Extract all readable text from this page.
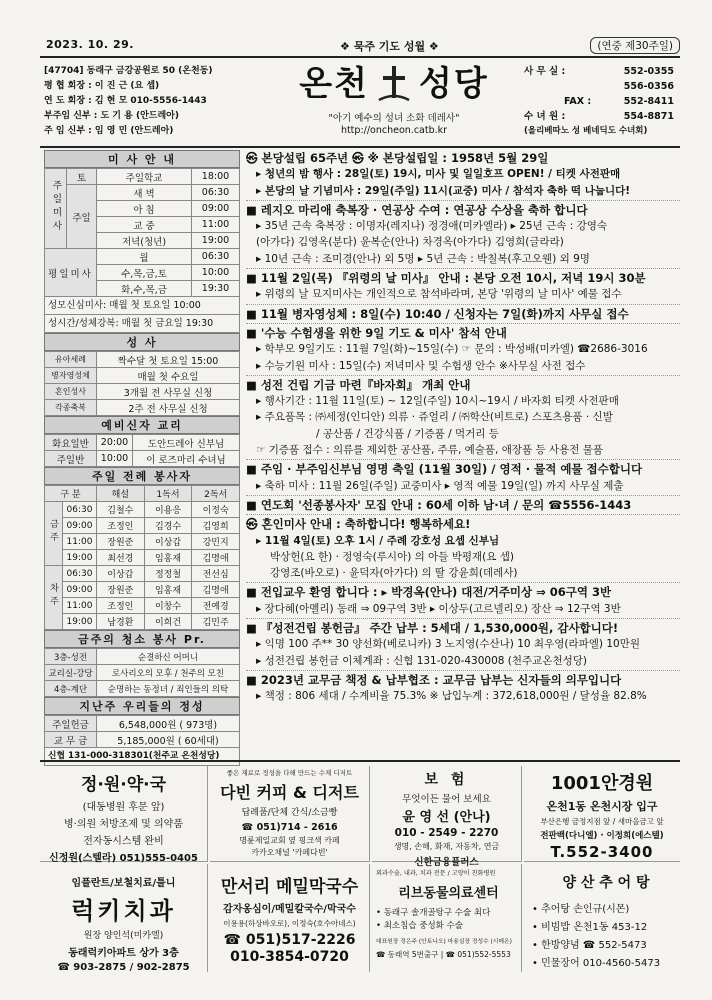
2023. 10. 29.	❖ 묵주 기도 성월 ❖	(연중 제30주일)
[47704] 동래구 금강공원로 50 (온천동)
평 협 회장 : 이 진 근 (요 셉)
연 도 회장 : 김 현 모 010-5556-1443
부주임 신부 : 도 기 용 (안드레아)
주 임 신부 : 임 영 민 (안드레아)
온천 성당
"아기 예수의 성녀 소화 데레사"
http://oncheon.catb.kr
사 무 실 :	552-0355
556-0356
FAX :	552-8411
수 녀 원 :	554-8871
(올리베따노 성 베네딕도 수녀회)
미 사 안 내
주일미사	토	주일학교	18:00
	주일	새 벽	06:30
		아 침	09:00
		교 중	11:00
		저녁(청년)	19:00
평일미사		월	06:30
		수,목,금,토	10:00
		화,수,목,금	19:30
성모신심미사: 매월 첫 토요일 10:00
성시간/성체강복: 매월 첫 금요일 19:30
성 사
유아세례	짝수달 첫 토요일 15:00
병자영성체	매월 첫 수요일
혼인성사	3개월 전 사무실 신청
각종축복	2주 전 사무실 신청
예비신자 교리
화요일반	20:00	도안드레아 신부님
주일반	10:00	이 로즈마리 수녀님
주일 전례 봉사자
구 분		해설	1독서	2독서
금주	06:30	김철수	이용응	이정숙
	09:00	조정인	김경수	김영희
	11:00	장원준	이상갑	강민지
	19:00	최선경	임홍재	김명애
차주	06:30	이상갑	정정철	전선심
	09:00	장원준	임홍재	김명애
	11:00	조정인	이창수	전예경
	19:00	남경환	이희건	김민주
금주의 청소 봉사 Pr.
3층-성전	순결하신 어머니
교리실-강당	로사리오의 모후 / 천주의 모친
4층-계단	순명하는 동정녀 / 죄인들의 의탁
지난주 우리들의 정성
주일헌금	6,548,000원 ( 973명)
교 무 금	5,185,000원 ( 60세대)
신협 131-000-318301(천주교 온천성당)
㉿ 본당설립 65주년 ㉿ ※ 본당설립일 : 1958년 5월 29일
▸ 청년의 밤 행사 : 28일(토) 19시, 미사 및 일일호프 OPEN! / 티켓 사전판매
▸ 본당의 날 기념미사 : 29일(주일) 11시(교중) 미사 / 참석자 축하 떡 나눕니다!
■ 레지오 마리애 축복장 · 연공상 수여 : 연공상 수상을 축하 합니다
▸ 35년 근속 축복장 : 이명자(레지나) 정경애(미카엘라) ▸ 25년 근속 : 강영숙
(아가다) 김영옥(분다) 윤복순(안나) 차경옥(아가다) 김영희(글라라)
▸ 10년 근속 : 조미경(안나) 외 5명 ▸ 5년 근속 : 박칠복(후고오웬) 외 9명
■ 11월 2일(목) 『위령의 날 미사』 안내 : 본당 오전 10시, 저녁 19시 30분
▸ 위령의 날 묘지미사는 개인적으로 참석바라며, 본당 '위령의 날 미사' 예물 접수
■ 11월 병자영성체 : 8일(수) 10:40 / 신청자는 7일(화)까지 사무실 접수
■ '수능 수험생을 위한 9일 기도 & 미사' 참석 안내
▸ 학부모 9일기도 : 11월 7일(화)~15일(수) ☞ 문의 : 박성배(미카엘) ☎2686-3016
▸ 수능기원 미사 : 15일(수) 저녁미사 및 수험생 안수 ※사무실 사전 접수
■ 성전 건립 기금 마련『바자회』 개최 안내
▸ 행사기간 : 11월 11일(토) ~ 12일(주일) 10시~19시 / 바자회 티켓 사전판매
▸ 주요품목 : ㈜세정(인디안) 의류 · 쥬얼리 / ㈜학산(비트로) 스포츠용품 · 신발
/ 공산품 / 건강식품 / 기증품 / 먹거리 등
☞ 기증품 접수 : 의류를 제외한 공산품, 주류, 예술품, 애장품 등 사용전 물품
■ 주임 · 부주임신부님 영명 축일 (11월 30일) / 영적 · 물적 예물 접수합니다
▸ 축하 미사 : 11월 26일(주일) 교중미사 ▸ 영적 예물 19일(일) 까지 사무실 제출
■ 연도회 '선종봉사자' 모집 안내 : 60세 이하 남·녀 / 문의 ☎5556-1443
㉿ 혼인미사 안내 : 축하합니다! 행복하세요!
▸ 11월 4일(토) 오후 1시 / 주례 강호성 요셉 신부님
박상헌(요 한) · 정영숙(루시아) 의 아들 박평재(요 셉)
강영조(바오로) · 윤덕자(아가다) 의 딸 강윤희(데레사)
■ 전입교우 환영 합니다 : ▸ 박경옥(안나) 대전/거주미상 ⇒ 06구역 3반
▸ 장다혜(아멜리) 동래 ⇒ 09구역 3반 ▸ 이상두(고르넬리오) 장산 ⇒ 12구역 3반
■ 『성전건립 봉헌금』 주간 납부 : 5세대 / 1,530,000원, 감사합니다!
▸ 익명 100 주** 30 양선화(베로니카) 3 노지영(수산나) 10 최우영(라파엘) 10만원
▸ 성전건립 봉헌금 이체계좌 : 신협 131-020-430008 (천주교온천성당)
■ 2023년 교무금 책정 & 납부협조 : 교무금 납부는 신자들의 의무입니다
▸ 책정 : 806 세대 / 수계비율 75.3% ※ 납입누계 : 372,618,000원 / 달성율 82.8%
정·원·약·국
(대동병원 후문 앞)
병·의원 처방조제 및 의약품
전자동시스템 완비
신정원(스텔라) 051)555-0405
좋은 재료로 정성을 다해 만드는 수제 디저트
다빈 커피 & 디저트
답례품/단체 간식/소금빵
☎ 051)714 - 2616
명륜제일교회 옆 핑크색 카페
카카오채널 '카페다빈'
보 험
무엇이든 물어 보세요
윤 영 선 (안나)
010 - 2549 - 2270
생명, 손해, 화재, 자동차, 연금
신한금융플러스
1001안경원
온천1동 온천시장 입구
부산은행 금정지점 앞 / 새마을금고 앞
전판백(다니엘) · 이정희(에스텔)
T.552-3400
임플란트/보철치료/틀니
럭키치과
원장 양인석(미카엘)
동래럭키아파트 상가 3층
☎ 903-2875 / 902-2875
만서리 메밀막국수
감자옹심이/메밀칼국수/막국수
이용용(하상바오로), 이정숙(호수아네스)
☎ 051)517-2226
010-3854-0720
외과수술, 내과, 치과 전문 / 고양이 친화병원
리브동물의료센터
• 동래구 솔개골탕구 수술 최다
• 최소침습 중성화 수술
대표원장 정은주 (안토니오) 마용실장 정성수 (시메온)
☎ 동래역 5번출구 | ☎ 051)552-5553
양 산 추 어 탕
• 추어탕 손인규(시몬)
• 비빔밥 온천1동 453-12
• 한방양념 ☎ 552-5473
• 민물장어 010-4560-5473
